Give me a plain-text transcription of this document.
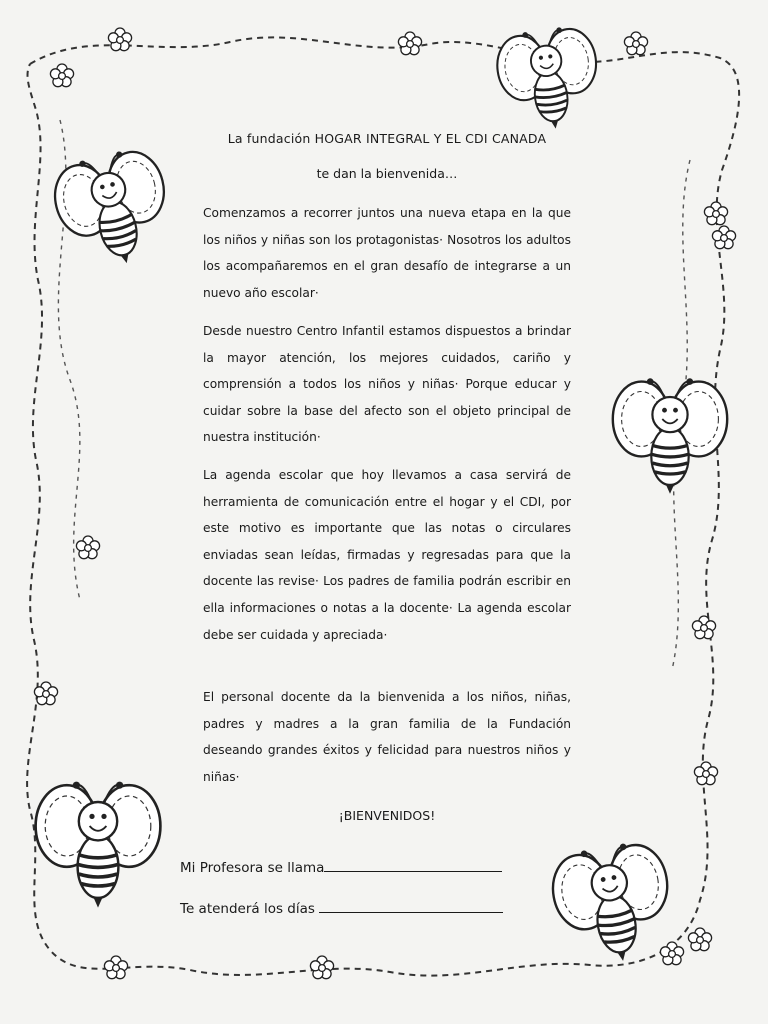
La fundación HOGAR INTEGRAL Y EL CDI CANADA
te dan la bienvenida…
Comenzamos a recorrer juntos una nueva etapa en la que los niños y niñas son los protagonistas· Nosotros los adultos los acompañaremos en el gran desafío de integrarse a un nuevo año escolar·
Desde nuestro Centro Infantil estamos dispuestos a brindar la mayor atención, los mejores cuidados, cariño y comprensión a todos los niños y niñas· Porque educar y cuidar sobre la base del afecto son el objeto principal de nuestra institución·
La agenda escolar que hoy llevamos a casa servirá de herramienta de comunicación entre el hogar y el CDI, por este motivo es importante que las notas o circulares enviadas sean leídas, firmadas y regresadas para que la docente las revise· Los padres de familia podrán escribir en ella informaciones o notas a la docente· La agenda escolar debe ser cuidada y apreciada·
El personal docente da la bienvenida a los niños, niñas, padres y madres a la gran familia de la Fundación deseando grandes éxitos y felicidad para nuestros niños y niñas·
¡BIENVENIDOS!
Mi Profesora se llama
Te atenderá los días
